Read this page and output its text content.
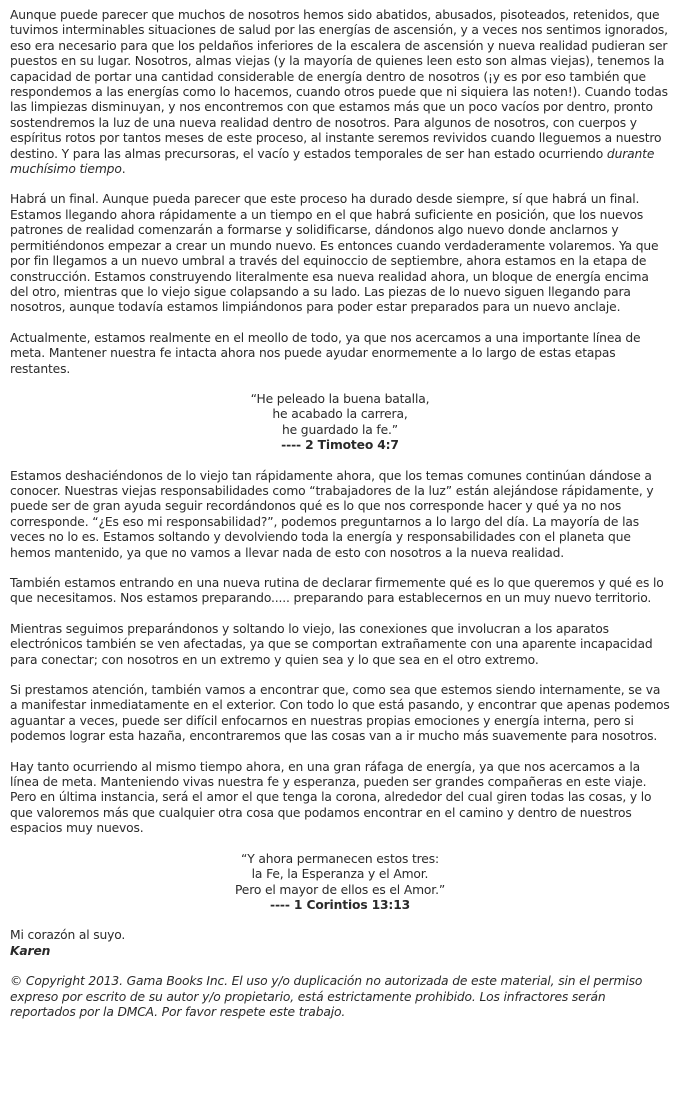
Aunque puede parecer que muchos de nosotros hemos sido abatidos, abusados, pisoteados, retenidos, que tuvimos interminables situaciones de salud por las energías de ascensión, y a veces nos sentimos ignorados, eso era necesario para que los peldaños inferiores de la escalera de ascensión y nueva realidad pudieran ser puestos en su lugar. Nosotros, almas viejas (y la mayoría de quienes leen esto son almas viejas), tenemos la capacidad de portar una cantidad considerable de energía dentro de nosotros (¡y es por eso también que respondemos a las energías como lo hacemos, cuando otros puede que ni siquiera las noten!). Cuando todas las limpiezas disminuyan, y nos encontremos con que estamos más que un poco vacíos por dentro, pronto sostendremos la luz de una nueva realidad dentro de nosotros. Para algunos de nosotros, con cuerpos y espíritus rotos por tantos meses de este proceso, al instante seremos revividos cuando lleguemos a nuestro destino. Y para las almas precursoras, el vacío y estados temporales de ser han estado ocurriendo durante muchísimo tiempo.

Habrá un final. Aunque pueda parecer que este proceso ha durado desde siempre, sí que habrá un final. Estamos llegando ahora rápidamente a un tiempo en el que habrá suficiente en posición, que los nuevos patrones de realidad comenzarán a formarse y solidificarse, dándonos algo nuevo donde anclarnos y permitiéndonos empezar a crear un mundo nuevo. Es entonces cuando verdaderamente volaremos. Ya que por fin llegamos a un nuevo umbral a través del equinoccio de septiembre, ahora estamos en la etapa de construcción. Estamos construyendo literalmente esa nueva realidad ahora, un bloque de energía encima del otro, mientras que lo viejo sigue colapsando a su lado. Las piezas de lo nuevo siguen llegando para nosotros, aunque todavía estamos limpiándonos para poder estar preparados para un nuevo anclaje.

Actualmente, estamos realmente en el meollo de todo, ya que nos acercamos a una importante línea de meta. Mantener nuestra fe intacta ahora nos puede ayudar enormemente a lo largo de estas etapas restantes.

“He peleado la buena batalla,
he acabado la carrera,
he guardado la fe.”
---- 2 Timoteo 4:7

Estamos deshaciéndonos de lo viejo tan rápidamente ahora, que los temas comunes continúan dándose a conocer. Nuestras viejas responsabilidades como “trabajadores de la luz” están alejándose rápidamente, y puede ser de gran ayuda seguir recordándonos qué es lo que nos corresponde hacer y qué ya no nos corresponde. “¿Es eso mi responsabilidad?”, podemos preguntarnos a lo largo del día. La mayoría de las veces no lo es. Estamos soltando y devolviendo toda la energía y responsabilidades con el planeta que hemos mantenido, ya que no vamos a llevar nada de esto con nosotros a la nueva realidad.

También estamos entrando en una nueva rutina de declarar firmemente qué es lo que queremos y qué es lo que necesitamos. Nos estamos preparando..... preparando para establecernos en un muy nuevo territorio.

Mientras seguimos preparándonos y soltando lo viejo, las conexiones que involucran a los aparatos electrónicos también se ven afectadas, ya que se comportan extrañamente con una aparente incapacidad para conectar; con nosotros en un extremo y quien sea y lo que sea en el otro extremo.

Si prestamos atención, también vamos a encontrar que, como sea que estemos siendo internamente, se va a manifestar inmediatamente en el exterior. Con todo lo que está pasando, y encontrar que apenas podemos aguantar a veces, puede ser difícil enfocarnos en nuestras propias emociones y energía interna, pero si podemos lograr esta hazaña, encontraremos que las cosas van a ir mucho más suavemente para nosotros.

Hay tanto ocurriendo al mismo tiempo ahora, en una gran ráfaga de energía, ya que nos acercamos a la línea de meta. Manteniendo vivas nuestra fe y esperanza, pueden ser grandes compañeras en este viaje. Pero en última instancia, será el amor el que tenga la corona, alrededor del cual giren todas las cosas, y lo que valoremos más que cualquier otra cosa que podamos encontrar en el camino y dentro de nuestros espacios muy nuevos.

“Y ahora permanecen estos tres:
la Fe, la Esperanza y el Amor.
Pero el mayor de ellos es el Amor.”
---- 1 Corintios 13:13
Mi corazón al suyo.
Karen

© Copyright 2013. Gama Books Inc. El uso y/o duplicación no autorizada de este material, sin el permiso expreso por escrito de su autor y/o propietario, está estrictamente prohibido. Los infractores serán reportados por la DMCA. Por favor respete este trabajo.
